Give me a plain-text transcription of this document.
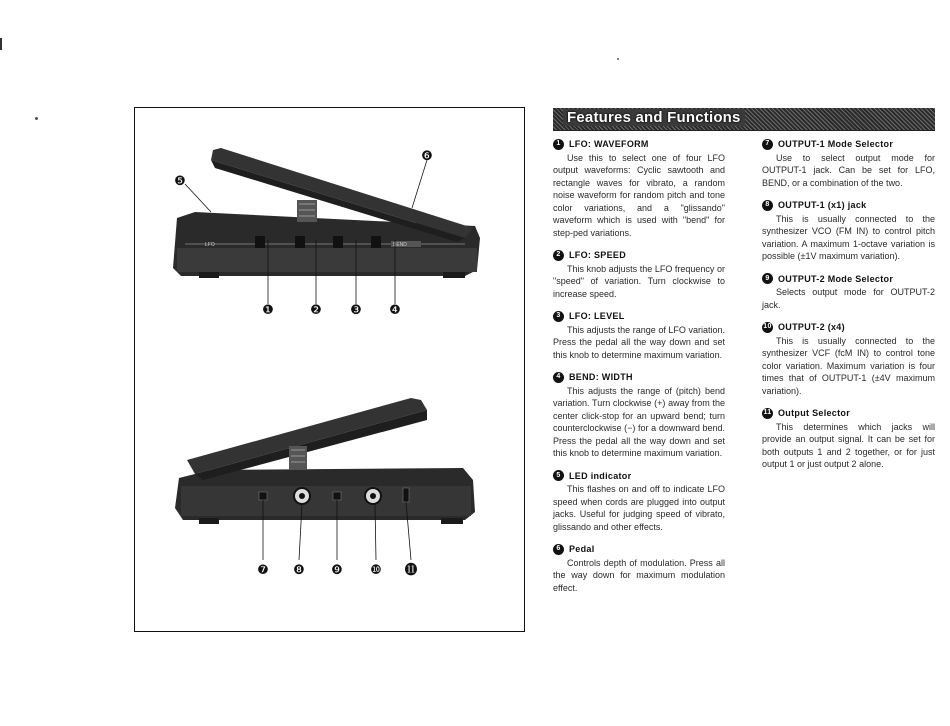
LFO	BEND
❶	❷ ❸ ❹
❺
❻
❼ ❽ ❾ ❿ ⓫
Features and Functions
1 LFO: WAVEFORM

Use this to select one of four LFO output waveforms: Cyclic sawtooth and rectangle waves for vibrato, a random noise waveform for random pitch and tone color variations, and a "glissando" waveform which is used with "bend" for step-ped variations.

2 LFO: SPEED

This knob adjusts the LFO frequency or "speed" of variation. Turn clockwise to increase speed.

3 LFO: LEVEL

This adjusts the range of LFO variation. Press the pedal all the way down and set this knob to determine maximum variation.

4 BEND: WIDTH

This adjusts the range of (pitch) bend variation. Turn clockwise (+) away from the center click-stop for an upward bend; turn counterclockwise (−) for a downward bend. Press the pedal all the way down and set this knob to determine maximum variation.

5 LED indicator

This flashes on and off to indicate LFO speed when cords are plugged into output jacks. Useful for judging speed of vibrato, glissando and other effects.

6 Pedal

Controls depth of modulation. Press all the way down for maximum modulation effect.

7 OUTPUT-1 Mode Selector

Use to select output mode for OUTPUT-1 jack. Can be set for LFO, BEND, or a combination of the two.

8 OUTPUT-1 (x1) jack

This is usually connected to the synthesizer VCO (FM IN) to control pitch variation. A maximum 1-octave variation is possible (±1V maximum variation).

9 OUTPUT-2 Mode Selector

Selects output mode for OUTPUT-2 jack.

10 OUTPUT-2 (x4)

This is usually connected to the synthesizer VCF (fcM IN) to control tone color variation. Maximum variation is four times that of OUTPUT-1 (±4V maximum variation).

11 Output Selector

This determines which jacks will provide an output signal. It can be set for both outputs 1 and 2 together, or for just output 1 or just output 2 alone.
